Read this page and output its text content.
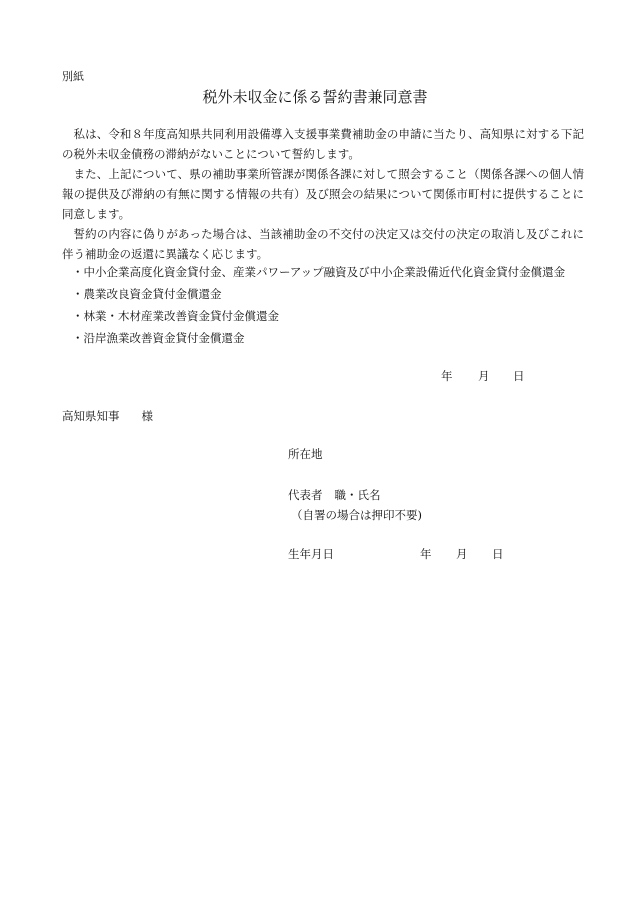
別紙
税外未収金に係る誓約書兼同意書

私は、令和８年度高知県共同利用設備導入支援事業費補助金の申請に当たり、高知県に対する下記の税外未収金債務の滞納がないことについて誓約します。

また、上記について、県の補助事業所管課が関係各課に対して照会すること（関係各課への個人情報の提供及び滞納の有無に関する情報の共有）及び照会の結果について関係市町村に提供することに同意します。

誓約の内容に偽りがあった場合は、当該補助金の不交付の決定又は交付の決定の取消し及びこれに伴う補助金の返還に異議なく応じます。

・中小企業高度化資金貸付金、産業パワーアップ融資及び中小企業設備近代化資金貸付金償還金
・農業改良資金貸付金償還金
・林業・木材産業改善資金貸付金償還金
・沿岸漁業改善資金貸付金償還金
年 月 日
高知県知事 様
所在地
代表者 職・氏名
（自署の場合は押印不要)
生年月日	年 月 日
